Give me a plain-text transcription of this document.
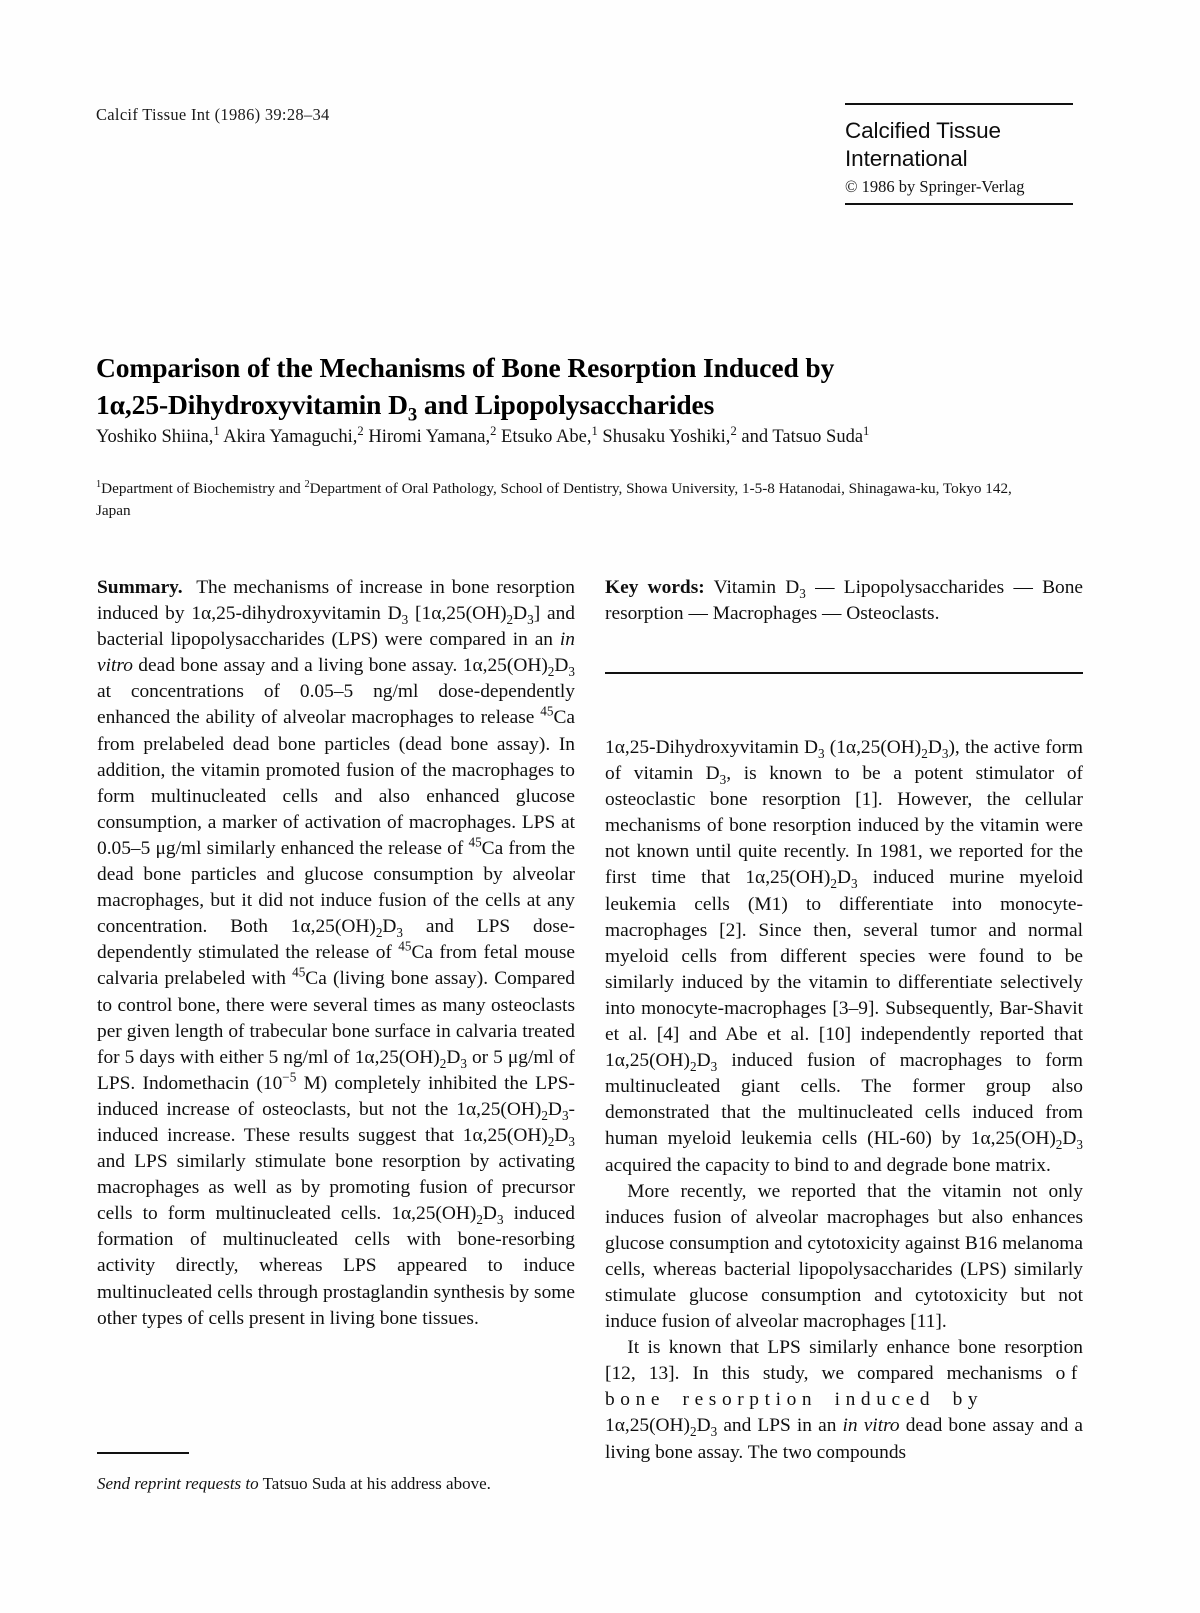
Calcif Tissue Int (1986) 39:28–34
Calcified Tissue
International
© 1986 by Springer-Verlag
Comparison of the Mechanisms of Bone Resorption Induced by
1α,25-Dihydroxyvitamin $D_3$ and Lipopolysaccharides
Yoshiko Shiina,$^1$ Akira Yamaguchi,$^2$ Hiromi Yamana,$^2$ Etsuko Abe,$^1$ Shusaku Yoshiki,$^2$ and Tatsuo Suda$^1$
$^1$Department of Biochemistry and $^2$Department of Oral Pathology, School of Dentistry, Showa University, 1-5-8 Hatanodai, Shinagawa-ku, Tokyo 142, Japan

Summary.  The mechanisms of increase in bone resorption induced by 1α,25-dihydroxyvitamin $D_3$ $[1\alpha,25(OH)_2D_3]$ and bacterial lipopolysaccharides (LPS) were compared in an in vitro dead bone assay and a living bone assay. $1\alpha,25(OH)_2D_3$ at concentrations of 0.05–5 ng/ml dose-dependently enhanced the ability of alveolar macrophages to release $^{45}$Ca from prelabeled dead bone particles (dead bone assay). In addition, the vitamin promoted fusion of the macrophages to form multinucleated cells and also enhanced glucose consumption, a marker of activation of macrophages. LPS at 0.05–5 μg/ml similarly enhanced the release of $^{45}$Ca from the dead bone particles and glucose consumption by alveolar macrophages, but it did not induce fusion of the cells at any concentration. Both $1\alpha,25(OH)_2D_3$ and LPS dose-dependently stimulated the release of $^{45}$Ca from fetal mouse calvaria prelabeled with $^{45}$Ca (living bone assay). Compared to control bone, there were several times as many osteoclasts per given length of trabecular bone surface in calvaria treated for 5 days with either 5 ng/ml of $1\alpha,25(OH)_2D_3$ or 5 μg/ml of LPS. Indomethacin ($10^{-5}$ M) completely inhibited the LPS-induced increase of osteoclasts, but not the $1\alpha,25(OH)_2D_3$-induced increase. These results suggest that $1\alpha,25(OH)_2D_3$ and LPS similarly stimulate bone resorption by activating macrophages as well as by promoting fusion of precursor cells to form multinucleated cells. $1\alpha,25(OH)_2D_3$ induced formation of multinucleated cells with bone-resorbing activity directly, whereas LPS appeared to induce multinucleated cells through prostaglandin synthesis by some other types of cells present in living bone tissues.

Key words: Vitamin $D_3$ — Lipopolysaccharides — Bone resorption — Macrophages — Osteoclasts.

1α,25-Dihydroxyvitamin $D_3$ $(1\alpha,25(OH)_2D_3)$, the active form of vitamin $D_3$, is known to be a potent stimulator of osteoclastic bone resorption [1]. However, the cellular mechanisms of bone resorption induced by the vitamin were not known until quite recently. In 1981, we reported for the first time that $1\alpha,25(OH)_2D_3$ induced murine myeloid leukemia cells (M1) to differentiate into monocyte-macrophages [2]. Since then, several tumor and normal myeloid cells from different species were found to be similarly induced by the vitamin to differentiate selectively into monocyte-macrophages [3–9]. Subsequently, Bar-Shavit et al. [4] and Abe et al. [10] independently reported that $1\alpha,25(OH)_2D_3$ induced fusion of macrophages to form multinucleated giant cells. The former group also demonstrated that the multinucleated cells induced from human myeloid leukemia cells (HL-60) by $1\alpha,25(OH)_2D_3$ acquired the capacity to bind to and degrade bone matrix.

More recently, we reported that the vitamin not only induces fusion of alveolar macrophages but also enhances glucose consumption and cytotoxicity against B16 melanoma cells, whereas bacterial lipopolysaccharides (LPS) similarly stimulate glucose consumption and cytotoxicity but not induce fusion of alveolar macrophages [11].

It is known that LPS similarly enhance bone resorption [12, 13]. In this study, we compared mechanisms of bone resorption induced by
$1\alpha,25(OH)_2D_3$ and LPS in an in vitro dead bone assay and a living bone assay. The two compounds

Send reprint requests to Tatsuo Suda at his address above.
